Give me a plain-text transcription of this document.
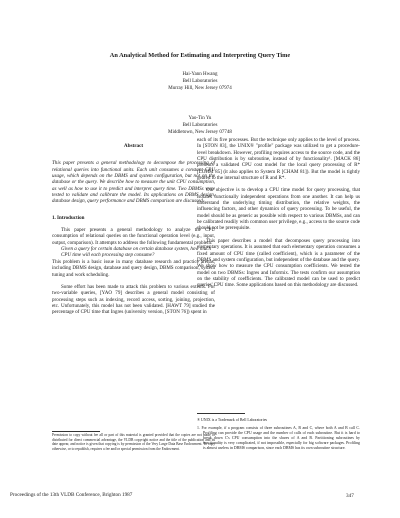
An Analytical Method for Estimating and Interpreting Query Time
Hai-Yann Hwang
Bell Laboratories
Murray Hill, New Jersey 07974
Yao-Tin Yu
Bell Laboratories
Middletown, New Jersey 07748
Abstract

This paper presents a general methodology to decompose the processing of relational queries into functional units. Each unit consumes a constant CPU usage, which depends on the DBMS and system configuration, but not on the database or the query. We describe how to measure the unit CPU consumption, as well as how to use it to predict and interpret query time. Two DBMSs were tested to validate and calibrate the model. Its applications on DBMS design, database design, query performance and DBMS comparison are discussed.

1. Introduction

This paper presents a general methodology to analyze the CPU consumption of relational queries on the functional operation level (e.g., input, output, comparison). It attempts to address the following fundamental problem:

Given a query for certain database on certain database system, how much CPU time will each processing step consume?

This problem is a basic issue in many database research and practice arenas, including DBMS design, database and query design, DBMS comparison, system tuning and work scheduling.

Some effort has been made to attack this problem to various extents. For two-variable queries, [YAO 79] describes a general model consisting of processing steps such as indexing, record access, sorting, joining, projection, etc. Unfortunately, this model has not been validated. [HAWT 79] studied the percentage of CPU time that Ingres (university version, [STON 76]) spent in

each of its five processes. But the technique only applies to the level of process. In [STON 83], the UNIX® "profile" package was utilized to get a procedure-level breakdown. However, profiling requires access to the source code, and the CPU distribution is by subroutine, instead of by functionality¹. [MACK 86] presents a validated CPU cost model for the local query processing of R* [LOHM 85] (it also applies to System R [CHAM 81]). But the model is tightly geared to the internal structure of R and R*.

Our objective is to develop a CPU time model for query processing, that isolates functionally independent operations from one another. It can help us understand the underlying timing distribution, the relative weights, the influencing factors, and other dynamics of query processing. To be useful, the model should be as generic as possible with respect to various DBMSs, and can be calibrated readily with common user privilege, e.g., access to the source code should not be prerequisite.

This paper describes a model that decomposes query processing into elementary operations. It is assumed that each elementary operation consumes a fixed amount of CPU time (called coefficient), which is a parameter of the DBMS and system configuration, but independent of the database and the query. We show how to measure the CPU consumption coefficients. We tested the model on two DBMSs: Ingres and Informix. The tests confirm our assumption on the stability of coefficients. The calibrated model can be used to predict queries' CPU time. Some applications based on this methodology are discussed.

Permission to copy without fee all or part of this material is granted provided that the copies are not made or distributed for direct commercial advantage, the VLDB copyright notice and the title of the publication and its date appear, and notice is given that copying is by permission of the Very Large Data Base Endowment. To copy otherwise, or to republish, requires a fee and/or special permission from the Endowment.

® UNIX is a Trademark of Bell Laboratories

1. For example, if a program consists of three subroutines A, B and C, where both A and B call C. Profiling can provide the CPU usage and the number of calls of each subroutine. But it is hard to break down C's CPU consumption into the shares of A and B. Partitioning subroutines by functionality is very complicated, if not impossible, especially for big software packages. Profiling is almost useless in DBMS comparison, since each DBMS has its own subroutine structure.

Proceedings of the 13th VLDB Conference, Brighton 1987	347
